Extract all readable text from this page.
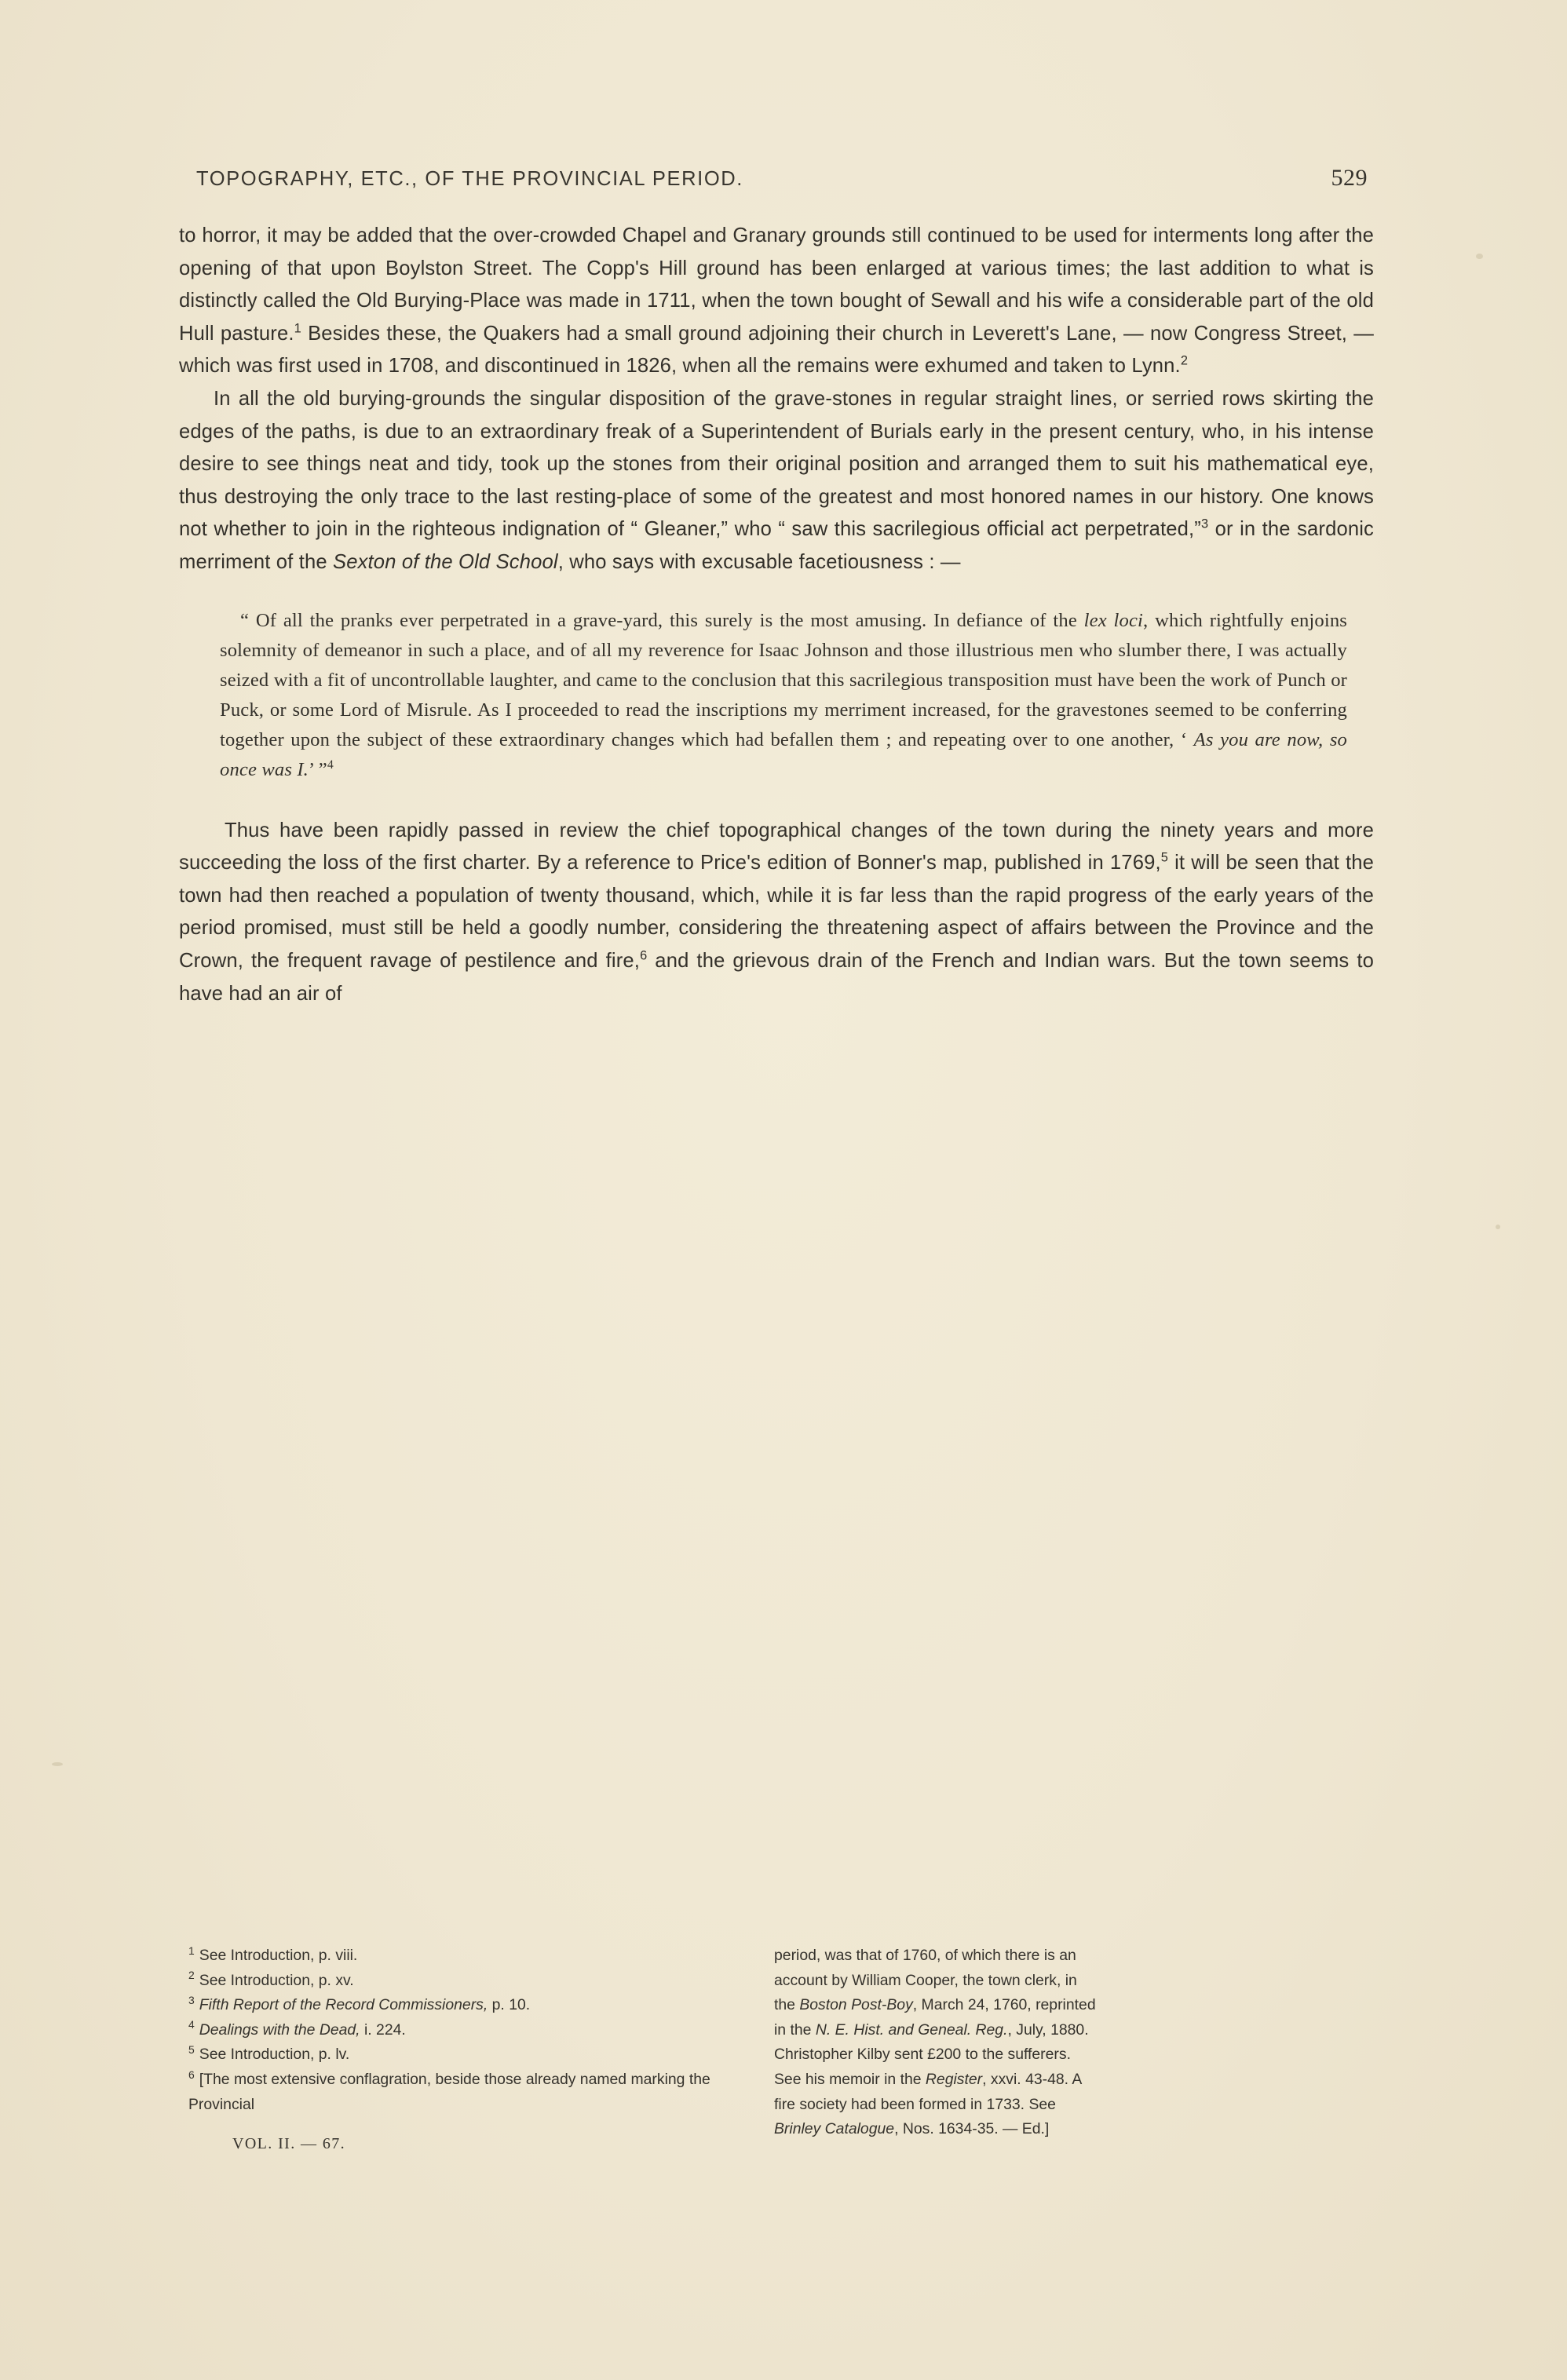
TOPOGRAPHY, ETC., OF THE PROVINCIAL PERIOD.	529

to horror, it may be added that the over-crowded Chapel and Granary grounds still continued to be used for interments long after the opening of that upon Boylston Street. The Copp's Hill ground has been enlarged at various times; the last addition to what is distinctly called the Old Burying-Place was made in 1711, when the town bought of Sewall and his wife a considerable part of the old Hull pasture.$^1$ Besides these, the Quakers had a small ground adjoining their church in Leverett's Lane, — now Congress Street, — which was first used in 1708, and discontinued in 1826, when all the remains were exhumed and taken to Lynn.$^2$

In all the old burying-grounds the singular disposition of the grave-stones in regular straight lines, or serried rows skirting the edges of the paths, is due to an extraordinary freak of a Superintendent of Burials early in the present century, who, in his intense desire to see things neat and tidy, took up the stones from their original position and arranged them to suit his mathematical eye, thus destroying the only trace to the last resting-place of some of the greatest and most honored names in our history. One knows not whether to join in the righteous indignation of “ Gleaner,” who “ saw this sacrilegious official act perpetrated,”$^3$ or in the sardonic merriment of the Sexton of the Old School, who says with excusable facetiousness : —

“ Of all the pranks ever perpetrated in a grave-yard, this surely is the most amusing. In defiance of the lex loci, which rightfully enjoins solemnity of demeanor in such a place, and of all my reverence for Isaac Johnson and those illustrious men who slumber there, I was actually seized with a fit of uncontrollable laughter, and came to the conclusion that this sacrilegious transposition must have been the work of Punch or Puck, or some Lord of Misrule. As I proceeded to read the inscriptions my merriment increased, for the gravestones seemed to be conferring together upon the subject of these extraordinary changes which had befallen them ; and repeating over to one another, ‘ As you are now, so once was I.’ ”$^4$

Thus have been rapidly passed in review the chief topographical changes of the town during the ninety years and more succeeding the loss of the first charter. By a reference to Price's edition of Bonner's map, published in 1769,$^5$ it will be seen that the town had then reached a population of twenty thousand, which, while it is far less than the rapid progress of the early years of the period promised, must still be held a goodly number, considering the threatening aspect of affairs between the Province and the Crown, the frequent ravage of pestilence and fire,$^6$ and the grievous drain of the French and Indian wars. But the town seems to have had an air of

$^1$ See Introduction, p. viii.

$^2$ See Introduction, p. xv.

$^3$ Fifth Report of the Record Commissioners, p. 10.

$^4$ Dealings with the Dead, i. 224.

$^5$ See Introduction, p. lv.

$^6$ [The most extensive conflagration, beside those already named marking the Provincial

VOL. II. — 67.

period, was that of 1760, of which there is an
account by William Cooper, the town clerk, in
the Boston Post-Boy, March 24, 1760, reprinted
in the N. E. Hist. and Geneal. Reg., July, 1880.
Christopher Kilby sent £200 to the sufferers.
See his memoir in the Register, xxvi. 43-48. A
fire society had been formed in 1733. See
Brinley Catalogue, Nos. 1634-35. — Ed.]
